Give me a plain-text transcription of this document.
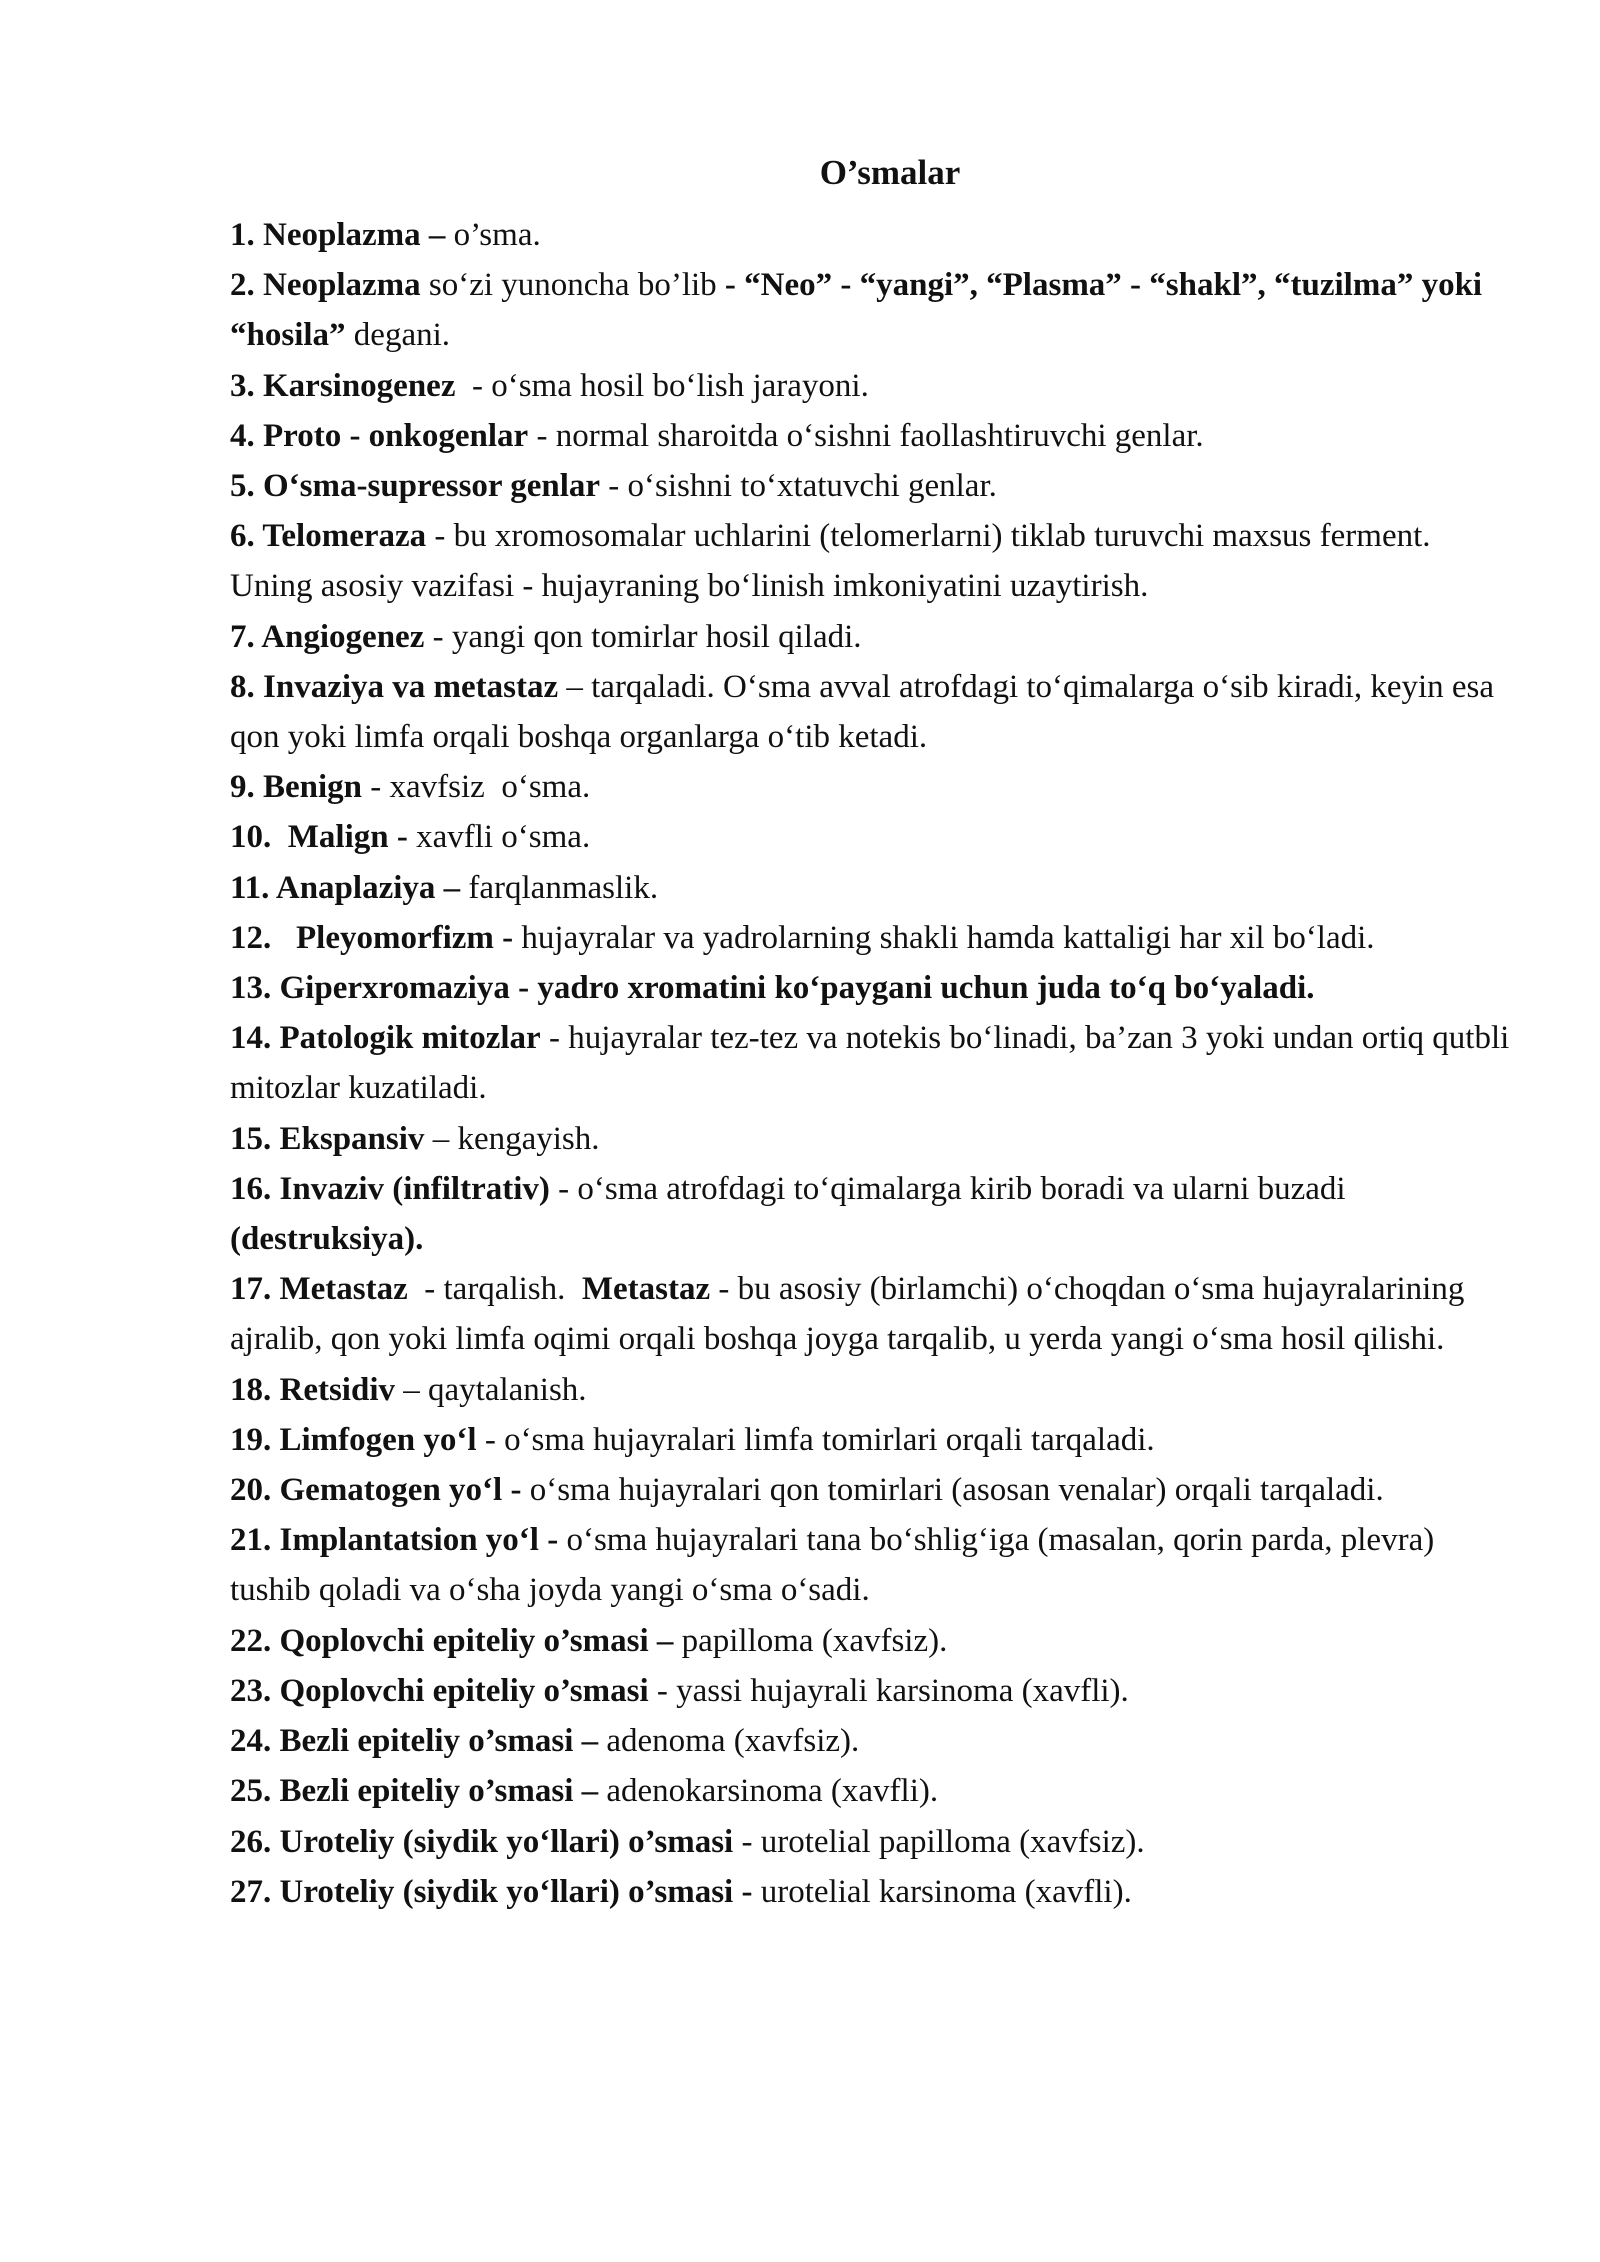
O’smalar
1. Neoplazma – o’sma.
2. Neoplazma so‘zi yunoncha bo’lib - “Neo” - “yangi”, “Plasma” - “shakl”, “tuzilma” yoki “hosila” degani.
3. Karsinogenez  - o‘sma hosil bo‘lish jarayoni.
4. Proto - onkogenlar - normal sharoitda o‘sishni faollashtiruvchi genlar.
5. O‘sma-supressor genlar - o‘sishni to‘xtatuvchi genlar.
6. Telomeraza - bu xromosomalar uchlarini (telomerlarni) tiklab turuvchi maxsus ferment. Uning asosiy vazifasi - hujayraning bo‘linish imkoniyatini uzaytirish.
7. Angiogenez - yangi qon tomirlar hosil qiladi.
8. Invaziya va metastaz – tarqaladi. O‘sma avval atrofdagi to‘qimalarga o‘sib kiradi, keyin esa qon yoki limfa orqali boshqa organlarga o‘tib ketadi.
9. Benign - xavfsiz  o‘sma.
10.  Malign - xavfli o‘sma.
11. Anaplaziya – farqlanmaslik.
12.   Pleyomorfizm - hujayralar va yadrolarning shakli hamda kattaligi har xil bo‘ladi.
13. Giperxromaziya - yadro xromatini ko‘paygani uchun juda to‘q bo‘yaladi.
14. Patologik mitozlar - hujayralar tez-tez va notekis bo‘linadi, ba’zan 3 yoki undan ortiq qutbli mitozlar kuzatiladi.
15. Ekspansiv – kengayish.
16. Invaziv (infiltrativ) - o‘sma atrofdagi to‘qimalarga kirib boradi va ularni buzadi (destruksiya).
17. Metastaz  - tarqalish.  Metastaz - bu asosiy (birlamchi) o‘choqdan o‘sma hujayralarining ajralib, qon yoki limfa oqimi orqali boshqa joyga tarqalib, u yerda yangi o‘sma hosil qilishi.
18. Retsidiv – qaytalanish.
19. Limfogen yo‘l - o‘sma hujayralari limfa tomirlari orqali tarqaladi.
20. Gematogen yo‘l - o‘sma hujayralari qon tomirlari (asosan venalar) orqali tarqaladi.
21. Implantatsion yo‘l - o‘sma hujayralari tana bo‘shlig‘iga (masalan, qorin parda, plevra) tushib qoladi va o‘sha joyda yangi o‘sma o‘sadi.
22. Qoplovchi epiteliy o’smasi – papilloma (xavfsiz).
23. Qoplovchi epiteliy o’smasi - yassi hujayrali karsinoma (xavfli).
24. Bezli epiteliy o’smasi – adenoma (xavfsiz).
25. Bezli epiteliy o’smasi – adenokarsinoma (xavfli).
26. Uroteliy (siydik yo‘llari) o’smasi - urotelial papilloma (xavfsiz).
27. Uroteliy (siydik yo‘llari) o’smasi - urotelial karsinoma (xavfli).
